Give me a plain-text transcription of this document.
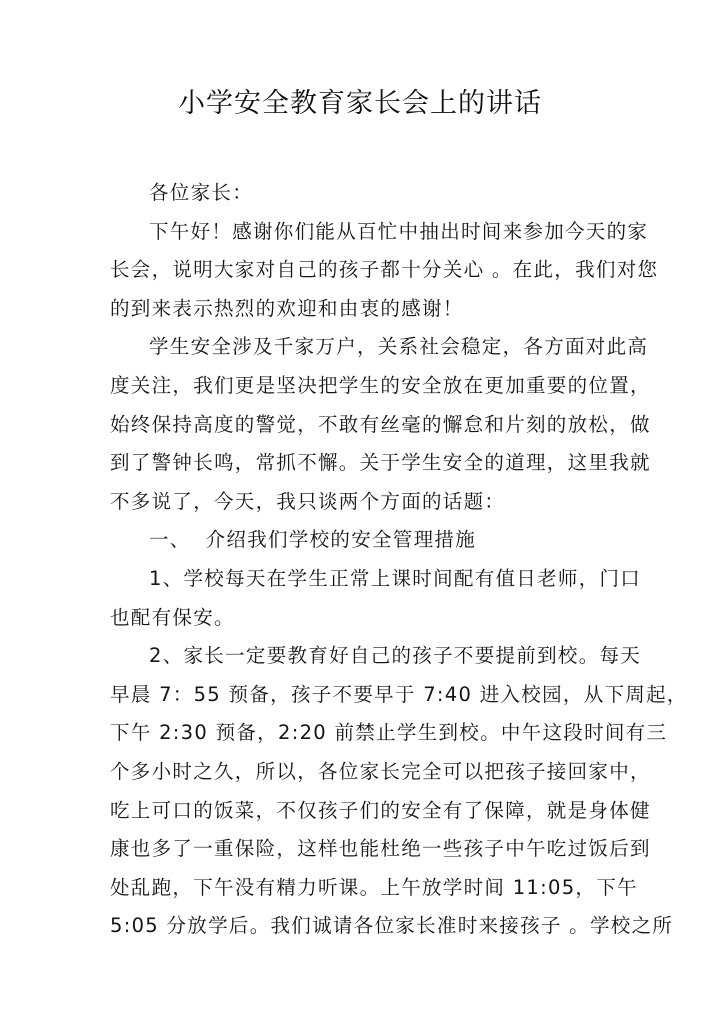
小学安全教育家长会上的讲话
各位家长：
下午好！感谢你们能从百忙中抽出时间来参加今天的家
长会，说明大家对自己的孩子都十分关心 。在此，我们对您
的到来表示热烈的欢迎和由衷的感谢！
学生安全涉及千家万户，关系社会稳定，各方面对此高
度关注，我们更是坚决把学生的安全放在更加重要的位置，
始终保持高度的警觉，不敢有丝毫的懈怠和片刻的放松，做
到了警钟长鸣，常抓不懈。关于学生安全的道理，这里我就
不多说了，今天，我只谈两个方面的话题：
一、  介绍我们学校的安全管理措施
1、学校每天在学生正常上课时间配有值日老师，门口
也配有保安。
2、家长一定要教育好自己的孩子不要提前到校。每天
早晨 7：55 预备，孩子不要早于 7:40 进入校园，从下周起，
下午 2:30 预备，2:20 前禁止学生到校。中午这段时间有三
个多小时之久，所以，各位家长完全可以把孩子接回家中，
吃上可口的饭菜，不仅孩子们的安全有了保障，就是身体健
康也多了一重保险，这样也能杜绝一些孩子中午吃过饭后到
处乱跑，下午没有精力听课。上午放学时间 11:05，下午
5:05 分放学后。我们诚请各位家长准时来接孩子 。学校之所
